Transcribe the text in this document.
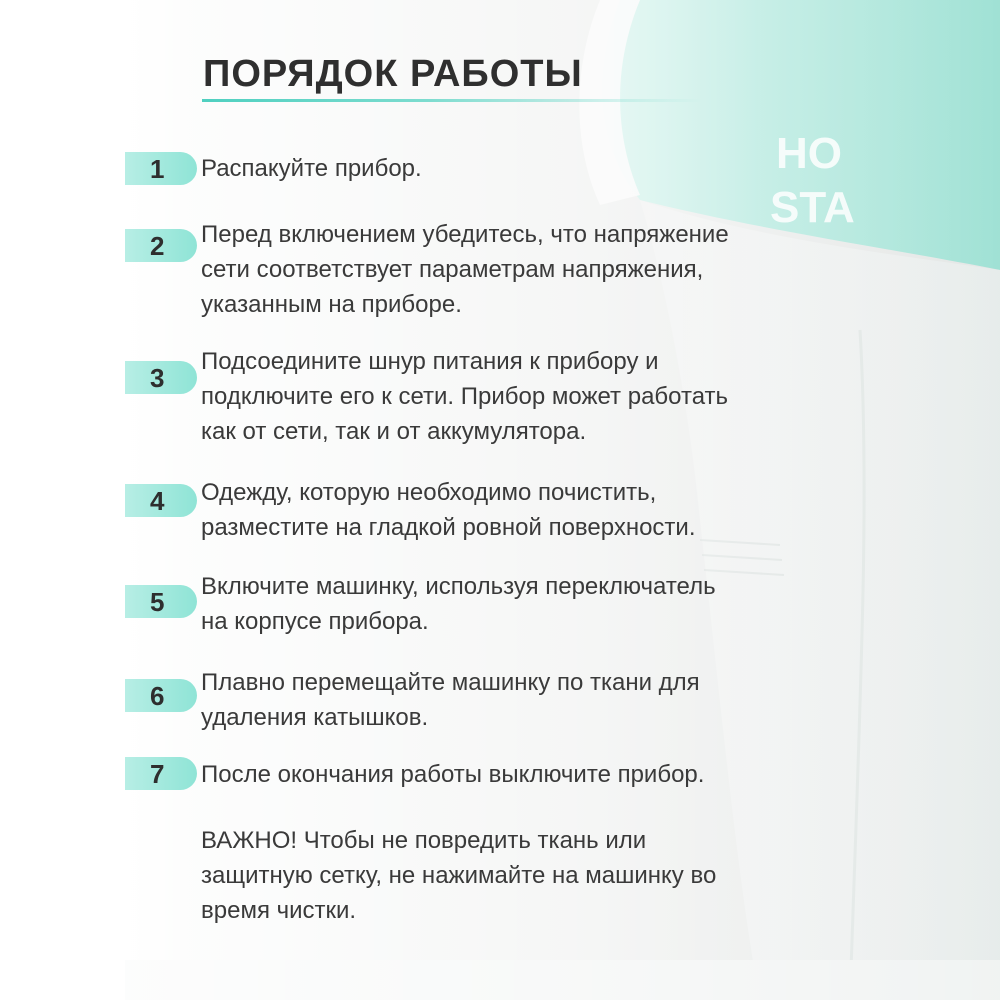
HO
STA
ПОРЯДОК РАБОТЫ
1 Распакуйте прибор.
2 Перед включением убедитесь, что напряжение
сети соответствует параметрам напряжения,
указанным на приборе.
3
Подсоедините шнур питания к прибору и
подключите его к сети. Прибор может работать
как от сети, так и от аккумулятора.
4 Одежду, которую необходимо почистить,
разместите на гладкой ровной поверхности.
5
Включите машинку, используя переключатель
на корпусе прибора.
6 Плавно перемещайте машинку по ткани для
удаления катышков.
7 После окончания работы выключите прибор.
ВАЖНО! Чтобы не повредить ткань или
защитную сетку, не нажимайте на машинку во
время чистки.
